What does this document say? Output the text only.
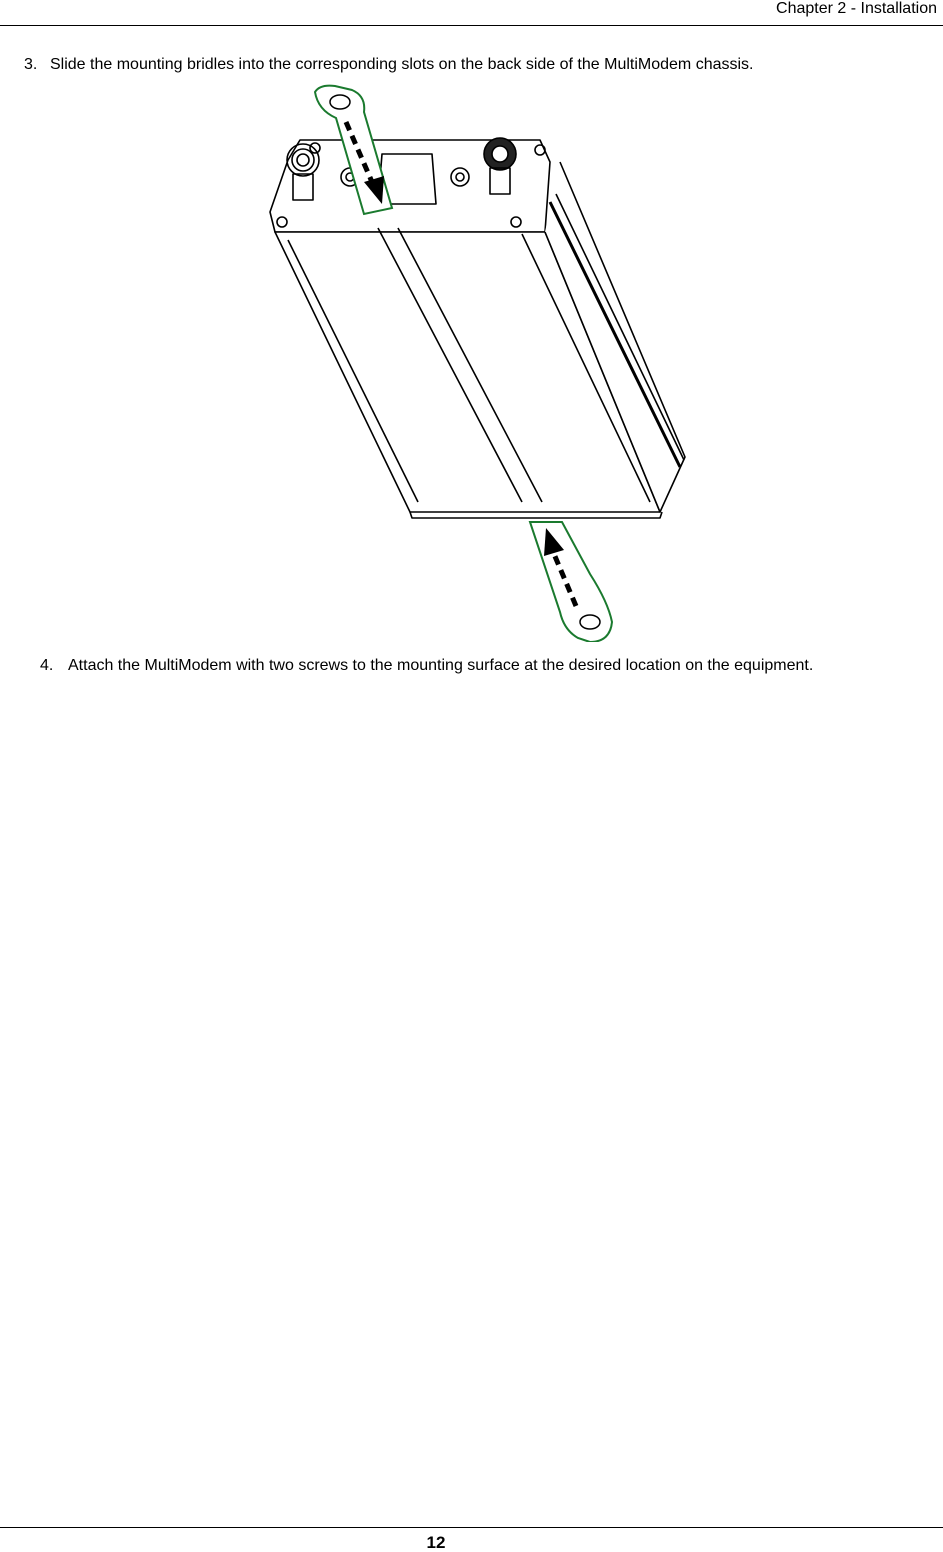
Chapter 2 - Installation
3. Slide the mounting bridles into the corresponding slots on the back side of the MultiModem chassis.
4. Attach the MultiModem with two screws to the mounting surface at the desired location on the equipment.
12
